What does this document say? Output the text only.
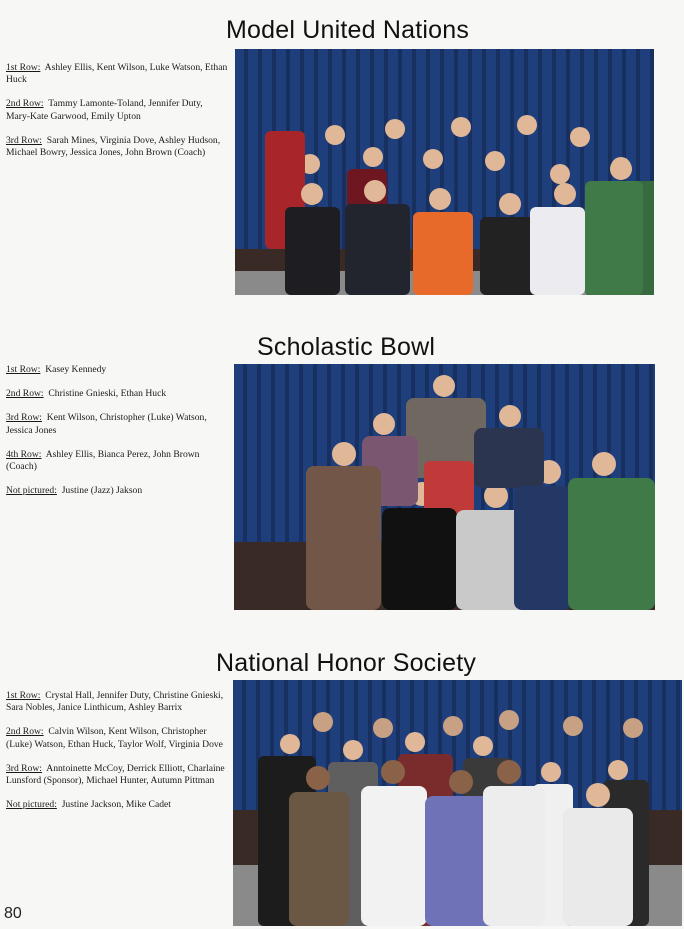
Model United Nations
1st Row: Ashley Ellis, Kent Wilson, Luke Watson, Ethan Huck
2nd Row: Tammy Lamonte-Toland, Jennifer Duty, Mary-Kate Garwood, Emily Upton
3rd Row: Sarah Mines, Virginia Dove, Ashley Hudson, Michael Bowry, Jessica Jones, John Brown (Coach)
Scholastic Bowl
1st Row: Kasey Kennedy
2nd Row: Christine Gnieski, Ethan Huck
3rd Row: Kent Wilson, Christopher (Luke) Watson, Jessica Jones
4th Row: Ashley Ellis, Bianca Perez, John Brown (Coach)
Not pictured: Justine (Jazz) Jakson
National Honor Society
1st Row: Crystal Hall, Jennifer Duty, Christine Gnieski, Sara Nobles, Janice Linthicum, Ashley Barrix
2nd Row: Calvin Wilson, Kent Wilson, Christopher (Luke) Watson, Ethan Huck, Taylor Wolf, Virginia Dove
3rd Row: Anntoinette McCoy, Derrick Elliott, Charlaine Lunsford (Sponsor), Michael Hunter, Autumn Pittman
Not pictured: Justine Jackson, Mike Cadet
80
